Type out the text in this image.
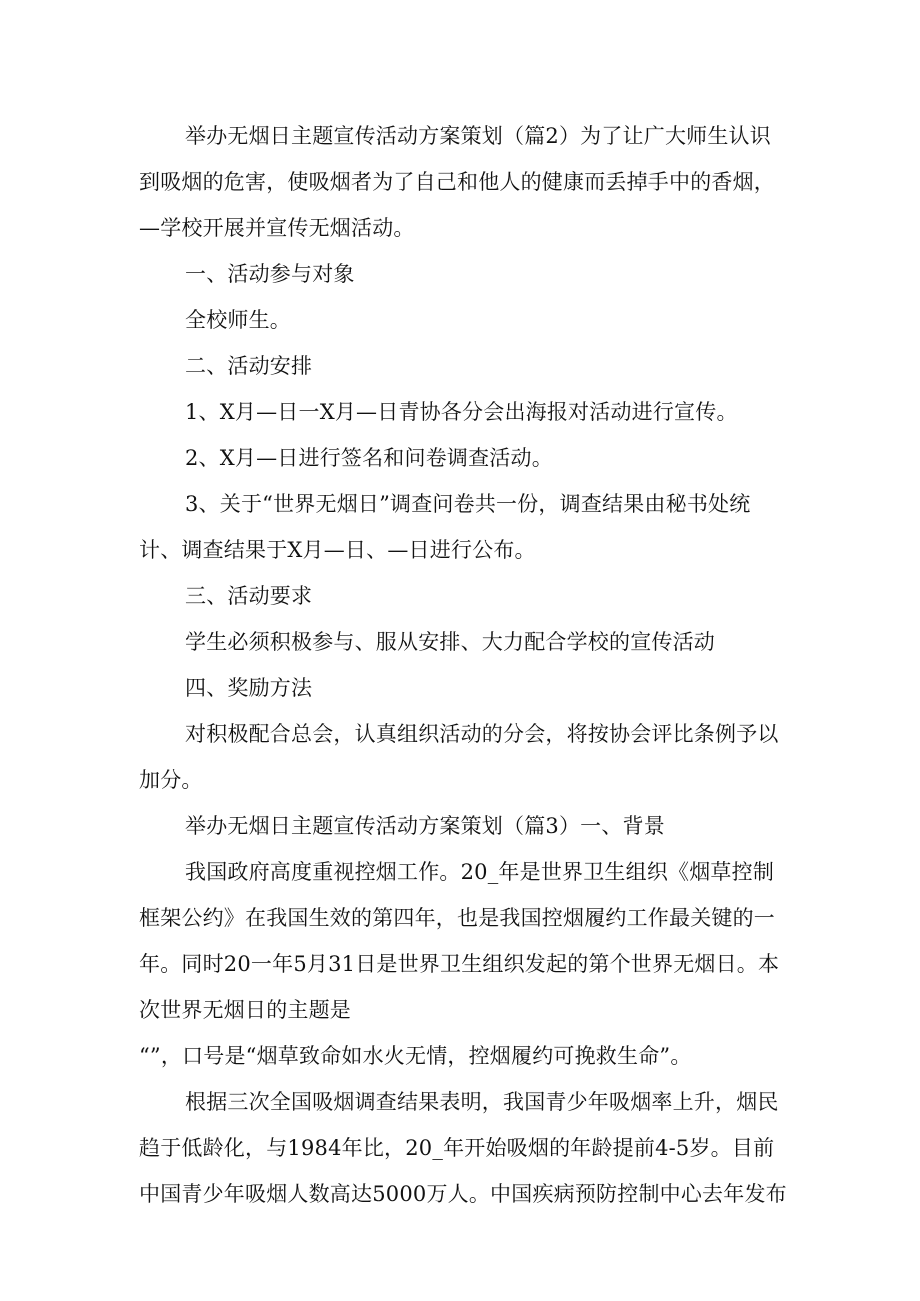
举办无烟日主题宣传活动方案策划（篇2）为了让广大师生认识
到吸烟的危害，使吸烟者为了自己和他人的健康而丢掉手中的香烟，
—学校开展并宣传无烟活动。
一、活动参与对象
全校师生。
二、活动安排
1、X月—日一X月—日青协各分会出海报对活动进行宣传。
2、X月—日进行签名和问卷调查活动。
3、关于“世界无烟日”调查问卷共一份，调查结果由秘书处统
计、调查结果于X月—日、—日进行公布。
三、活动要求
学生必须积极参与、服从安排、大力配合学校的宣传活动
四、奖励方法
对积极配合总会，认真组织活动的分会，将按协会评比条例予以
加分。
举办无烟日主题宣传活动方案策划（篇3）一、背景
我国政府高度重视控烟工作。20_年是世界卫生组织《烟草控制
框架公约》在我国生效的第四年，也是我国控烟履约工作最关键的一
年。同时20一年5月31日是世界卫生组织发起的第个世界无烟日。本
次世界无烟日的主题是
“”，口号是“烟草致命如水火无情，控烟履约可挽救生命”。
根据三次全国吸烟调查结果表明，我国青少年吸烟率上升，烟民
趋于低龄化，与1984年比，20_年开始吸烟的年龄提前4-5岁。目前
中国青少年吸烟人数高达5000万人。中国疾病预防控制中心去年发布
